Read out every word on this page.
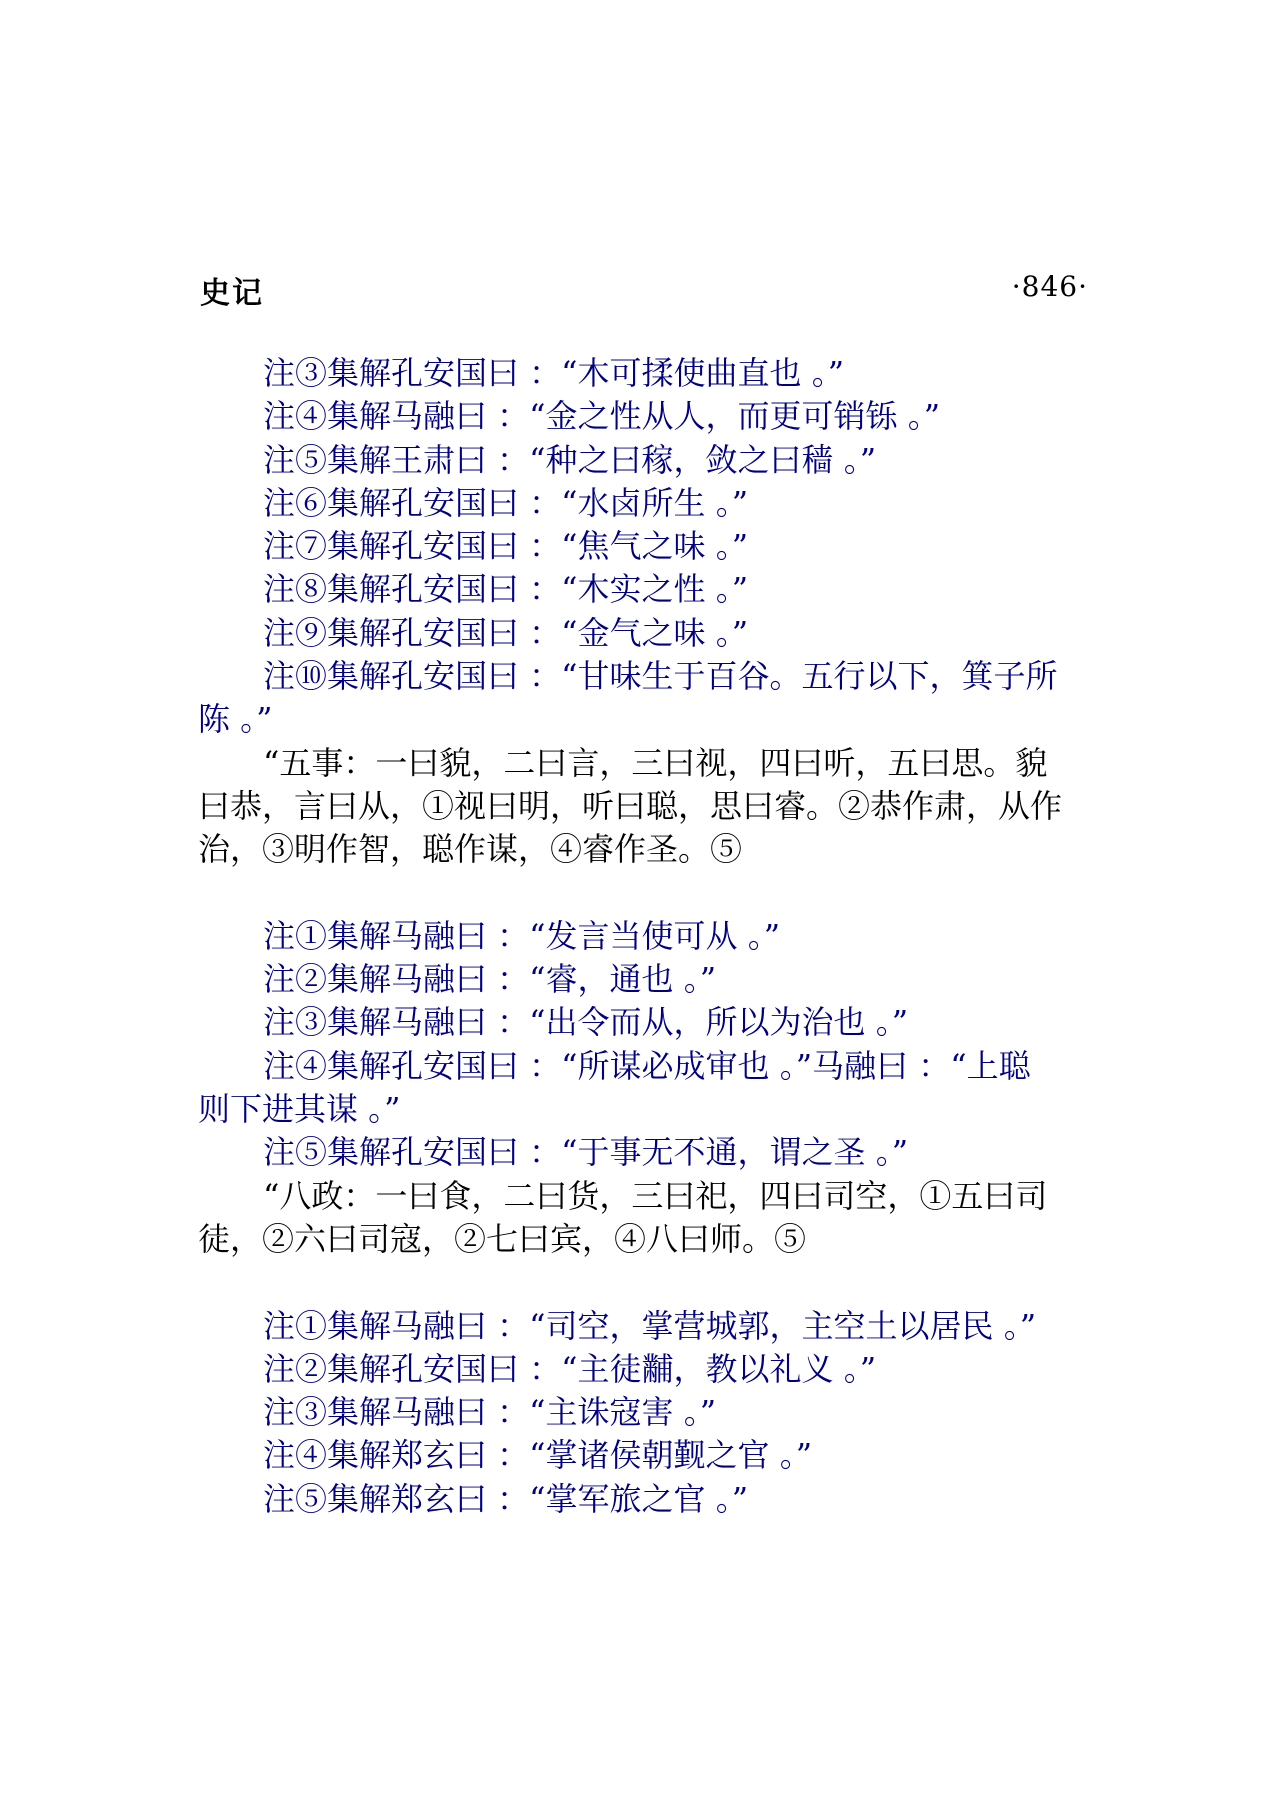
史记	·846·
注③集解孔安国曰 ：“木可揉使曲直也 。”
注④集解马融曰 ：“金之性从人，而更可销铄 。”
注⑤集解王肃曰 ：“种之曰稼，敛之曰穑 。”
注⑥集解孔安国曰 ：“水卤所生 。”
注⑦集解孔安国曰 ：“焦气之味 。”
注⑧集解孔安国曰 ：“木实之性 。”
注⑨集解孔安国曰 ：“金气之味 。”
注⑩集解孔安国曰 ：“甘味生于百谷。五行以下，箕子所
陈 。”
“五事：一曰貌，二曰言，三曰视，四曰听，五曰思。貌
曰恭，言曰从，①视曰明，听曰聪，思曰睿。②恭作肃，从作
治，③明作智，聪作谋，④睿作圣。⑤
注①集解马融曰 ：“发言当使可从 。”
注②集解马融曰 ：“睿，通也 。”
注③集解马融曰 ：“出令而从，所以为治也 。”
注④集解孔安国曰 ：“所谋必成审也 。”马融曰 ：“上聪
则下进其谋 。”
注⑤集解孔安国曰 ：“于事无不通，谓之圣 。”
“八政：一曰食，二曰货，三曰祀，四曰司空，①五曰司
徒，②六曰司寇，②七曰宾，④八曰师。⑤
注①集解马融曰 ：“司空，掌营城郭，主空土以居民 。”
注②集解孔安国曰 ：“主徒黼，教以礼义 。”
注③集解马融曰 ：“主诛寇害 。”
注④集解郑玄曰 ：“掌诸侯朝觐之官 。”
注⑤集解郑玄曰 ：“掌军旅之官 。”
